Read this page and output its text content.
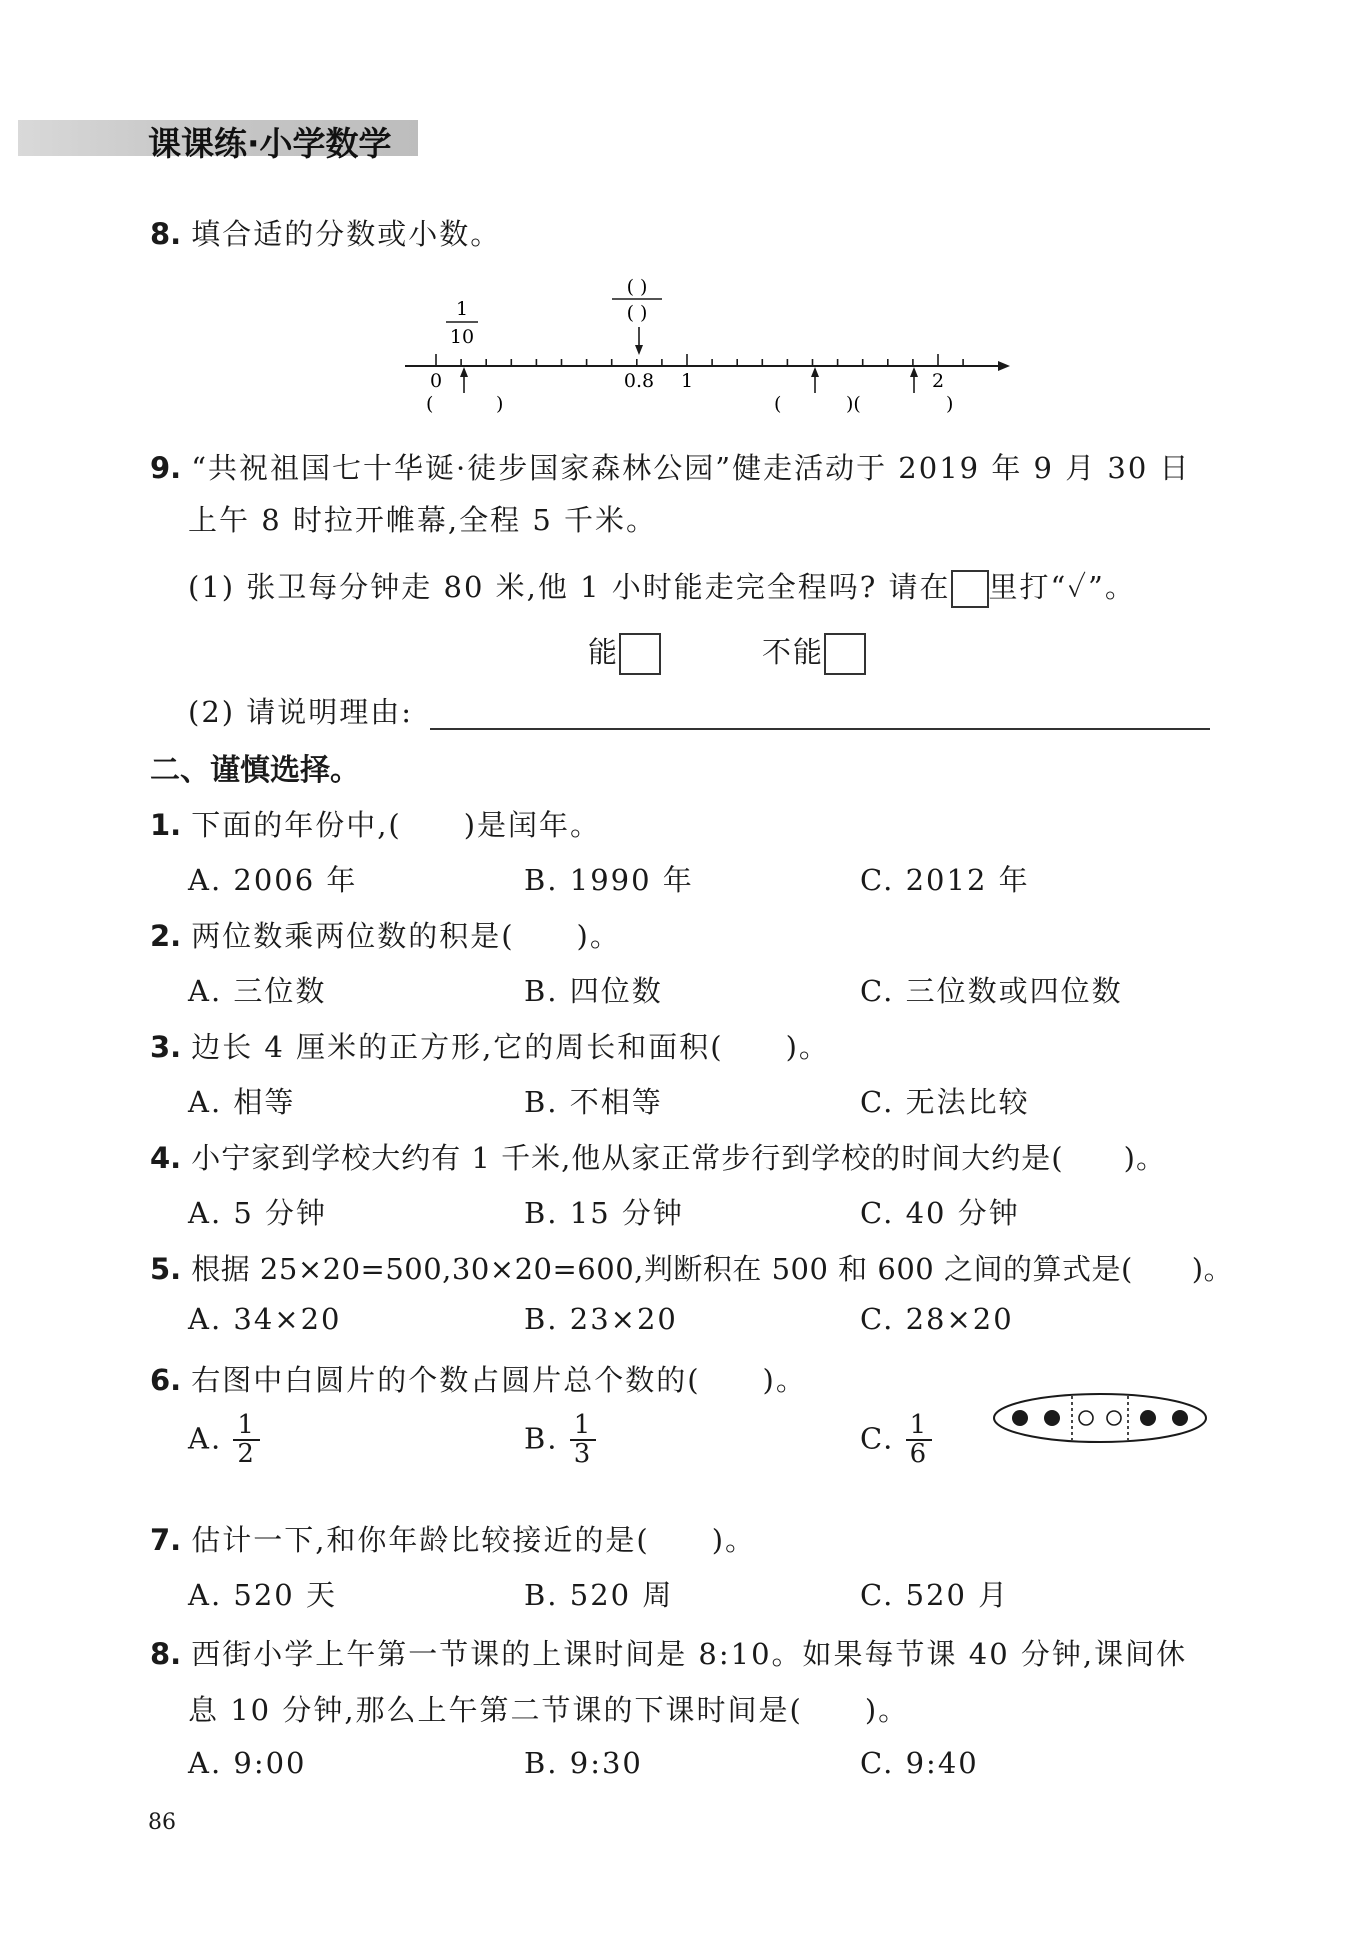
课课练·小学数学
8. 填合适的分数或小数。
1
10
( )
( )
0	0.8 1	2
(	)	(	)(	)
9. “共祝祖国七十华诞·徒步国家森林公园”健走活动于 2019 年 9 月 30 日
上午 8 时拉开帷幕,全程 5 千米。
(1) 张卫每分钟走 80 米,他 1 小时能走完全程吗? 请在 里打“✓”。
能	不能
(2) 请说明理由:
二、谨慎选择。
1. 下面的年份中,(　　)是闰年。
A. 2006 年	B. 1990 年	C. 2012 年
2. 两位数乘两位数的积是(　　)。
A. 三位数	B. 四位数	C. 三位数或四位数
3. 边长 4 厘米的正方形,它的周长和面积(　　)。
A. 相等	B. 不相等	C. 无法比较
4. 小宁家到学校大约有 1 千米,他从家正常步行到学校的时间大约是(　　)。
A. 5 分钟	B. 15 分钟	C. 40 分钟
5. 根据 25×20=500,30×20=600,判断积在 500 和 600 之间的算式是(　　)。
A. 34×20	B. 23×20	C. 28×20
6. 右图中白圆片的个数占圆片总个数的(　　)。
A. $\frac{1}{2}$	B. $\frac{1}{3}$	C. $\frac{1}{6}$
7. 估计一下,和你年龄比较接近的是(　　)。
A. 520 天	B. 520 周	C. 520 月
8. 西街小学上午第一节课的上课时间是 8:10。如果每节课 40 分钟,课间休
息 10 分钟,那么上午第二节课的下课时间是(　　)。
A. 9:00	B. 9:30	C. 9:40
86
